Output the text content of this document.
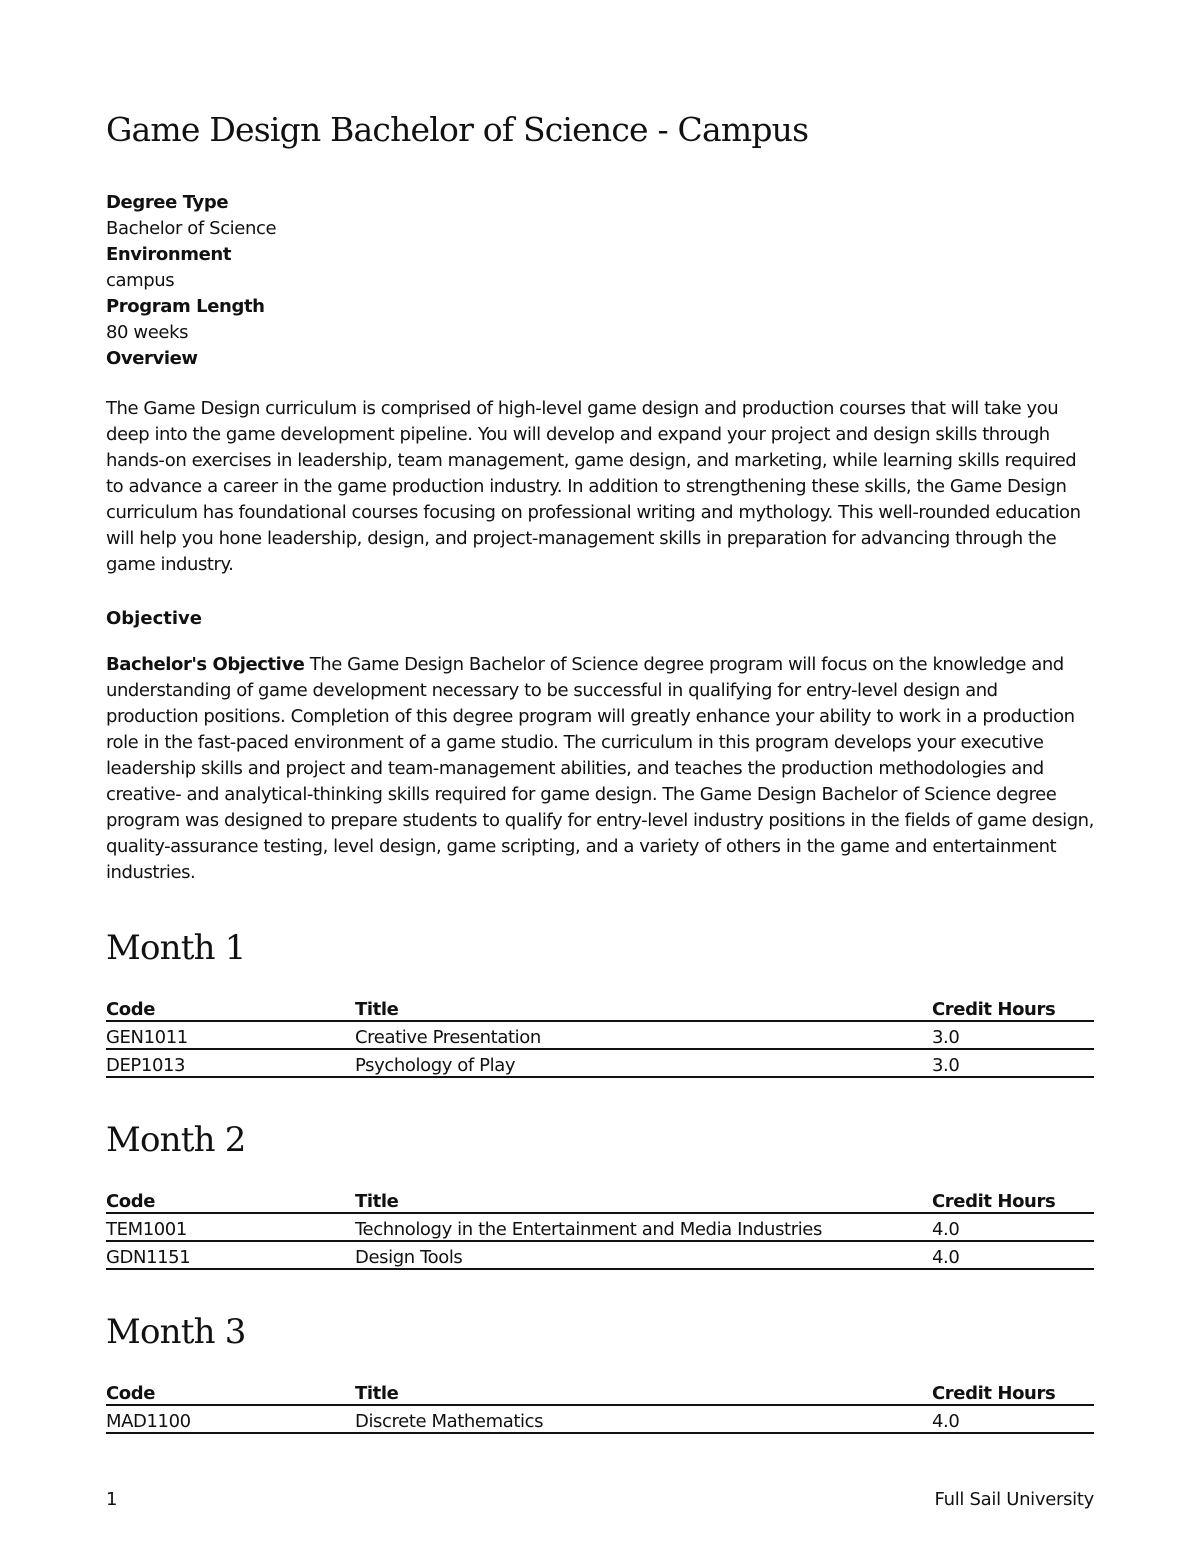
Game Design Bachelor of Science - Campus
Degree Type
Bachelor of Science
Environment
campus
Program Length
80 weeks
Overview

The Game Design curriculum is comprised of high-level game design and production courses that will take you deep into the game development pipeline. You will develop and expand your project and design skills through hands-on exercises in leadership, team management, game design, and marketing, while learning skills required to advance a career in the game production industry. In addition to strengthening these skills, the Game Design curriculum has foundational courses focusing on professional writing and mythology. This well-rounded education will help you hone leadership, design, and project-management skills in preparation for advancing through the game industry.

Objective

Bachelor's Objective The Game Design Bachelor of Science degree program will focus on the knowledge and understanding of game development necessary to be successful in qualifying for entry-level design and production positions. Completion of this degree program will greatly enhance your ability to work in a production role in the fast-paced environment of a game studio. The curriculum in this program develops your executive leadership skills and project and team-management abilities, and teaches the production methodologies and creative- and analytical-thinking skills required for game design. The Game Design Bachelor of Science degree program was designed to prepare students to qualify for entry-level industry positions in the fields of game design, quality-assurance testing, level design, game scripting, and a variety of others in the game and entertainment industries.

Month 1
Code	Title	Credit Hours
GEN1011	Creative Presentation	3.0
DEP1013	Psychology of Play	3.0
Month 2
Code	Title	Credit Hours
TEM1001	Technology in the Entertainment and Media Industries	4.0
GDN1151	Design Tools	4.0
Month 3
Code	Title	Credit Hours
MAD1100	Discrete Mathematics	4.0
1	Full Sail University
